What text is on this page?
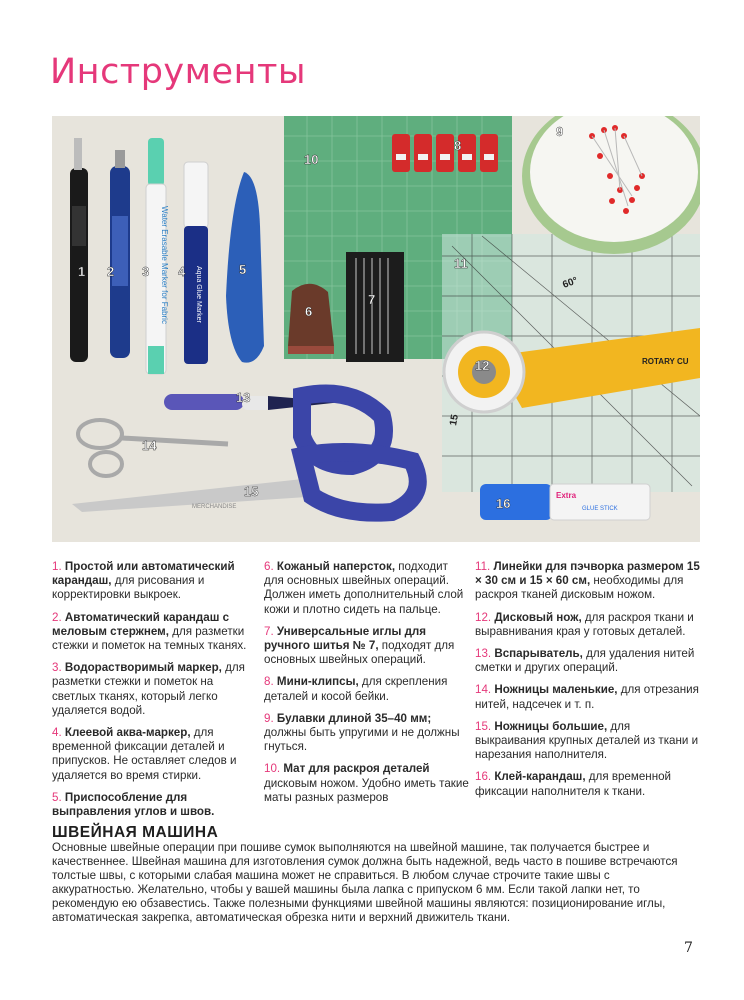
Инструменты
60°
15
Water Erasable Marker for Fabric	Aqua Glue Marker
MERCHANDISE
ROTARY CU
Extra
GLUE STICK
1 2 3 4	5
6
7
8
9
10
11
12
13
14
15
16
1. Простой или автоматический карандаш, для рисования и корректировки выкроек.
2. Автоматический карандаш с меловым стержнем, для разметки стежки и пометок на темных тканях.
3. Водорастворимый маркер, для разметки стежки и пометок на светлых тканях, который легко удаляется водой.
4. Клеевой аква-маркер, для временной фиксации деталей и припусков. Не оставляет следов и удаляется во время стирки.
5. Приспособление для выправления углов и швов.
6. Кожаный наперсток, подходит для основных швейных операций. Должен иметь дополнительный слой кожи и плотно сидеть на пальце.
7. Универсальные иглы для ручного шитья № 7, подходят для основных швейных операций.
8. Мини-клипсы, для скрепления деталей и косой бейки.
9. Булавки длиной 35–40 мм; должны быть упругими и не должны гнуться.
10. Мат для раскроя деталей дисковым ножом. Удобно иметь такие маты разных размеров
11. Линейки для пэчворка размером 15 × 30 см и 15 × 60 см, необходимы для раскроя тканей дисковым ножом.
12. Дисковый нож, для раскроя ткани и выравнивания края у готовых деталей.
13. Вспарыватель, для удаления нитей сметки и других операций.
14. Ножницы маленькие, для отрезания нитей, надсечек и т. п.
15. Ножницы большие, для выкраивания крупных деталей из ткани и нарезания наполнителя.
16. Клей-карандаш, для временной фиксации наполнителя к ткани.
ШВЕЙНАЯ МАШИНА
Основные швейные операции при пошиве сумок выполняются на швейной машине, так получается быстрее и качественнее. Швейная машина для изготовления сумок должна быть надежной, ведь часто в пошиве встречаются толстые швы, с которыми слабая машина может не справиться. В любом случае строчите такие швы с аккуратностью. Желательно, чтобы у вашей машины была лапка с припуском 6 мм. Если такой лапки нет, то рекомендую ею обзавестись. Также полезными функциями швейной машины являются: позиционирование иглы, автоматическая закрепка, автоматическая обрезка нити и верхний движитель ткани.
7
